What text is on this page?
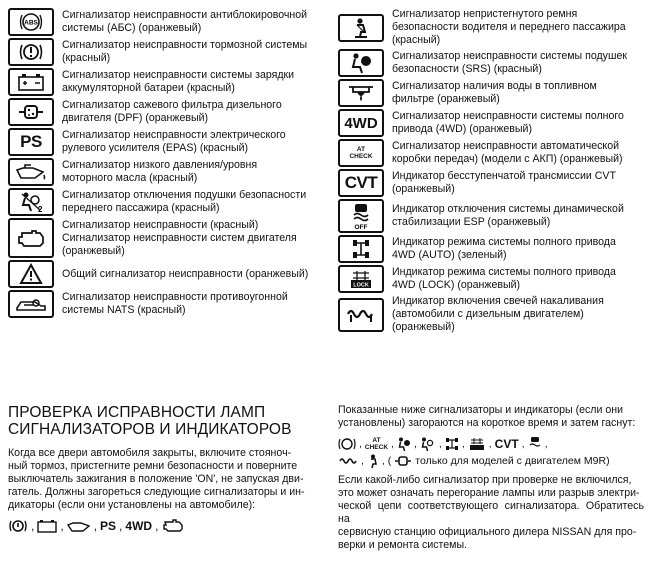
ABS
Сигнализатор неисправности антиблокировочной
системы (АБС) (оранжевый)
Сигнализатор неисправности тормозной системы
(красный)
Сигнализатор неисправности системы зарядки
аккумуляторной батареи (красный)
Сигнализатор сажевого фильтра дизельного
двигателя (DPF) (оранжевый)
PS Сигнализатор неисправности электрического
рулевого усилителя (EPAS) (красный)
Сигнализатор низкого давления/уровня
моторного масла (красный)
2
Сигнализатор отключения подушки безопасности
переднего пассажира (красный)
Сигнализатор неисправности (красный)
Сигнализатор неисправности систем двигателя
(оранжевый)
Общий сигнализатор неисправности (оранжевый)
Сигнализатор неисправности противоугонной
системы NATS (красный)
Сигнализатор непристегнутого ремня
безопасности водителя и переднего пассажира
(красный)
Сигнализатор неисправности системы подушек
безопасности (SRS) (красный)
Сигнализатор наличия воды в топливном
фильтре (оранжевый)
4WD Сигнализатор неисправности системы полного
привода (4WD) (оранжевый)
AT
CHECK
Сигнализатор неисправности автоматической
коробки передач) (модели с АКП) (оранжевый)
CVT Индикатор бесступенчатой трансмиссии CVT
(оранжевый)
OFF
Индикатор отключения системы динамической
стабилизации ESP (оранжевый)
Индикатор режима системы полного привода
4WD (AUTO) (зеленый)
LOCK
Индикатор режима системы полного привода
4WD (LOCK) (оранжевый)
Индикатор включения свечей накаливания
(автомобили с дизельным двигателем)
(оранжевый)
ПРОВЕРКА ИСПРАВНОСТИ ЛАМП
СИГНАЛИЗАТОРОВ И ИНДИКАТОРОВ
Когда все двери автомобиля закрыты, включите стояноч-
ный тормоз, пристегните ремни безопасности и поверните
выключатель зажигания в положение 'ON', не запуская дви-
гатель. Должны загореться следующие сигнализаторы и ин-
дикаторы (если они установлены на автомобиле):
, ,	, PS , 4WD ,
Показанные ниже сигнализаторы и индикаторы (если они
установлены) загораются на короткое время и затем гаснут:
,	AT
CHECK , , , , , CVT , ,
, , ( только для моделей с двигателем M9R)
Если какой-либо сигнализатор при проверке не включился,
это может означать перегорание лампы или разрыв электри-
ческой цепи соответствующего сигнализатора. Обратитесь на
сервисную станцию официального дилера NISSAN для про-
верки и ремонта системы.
